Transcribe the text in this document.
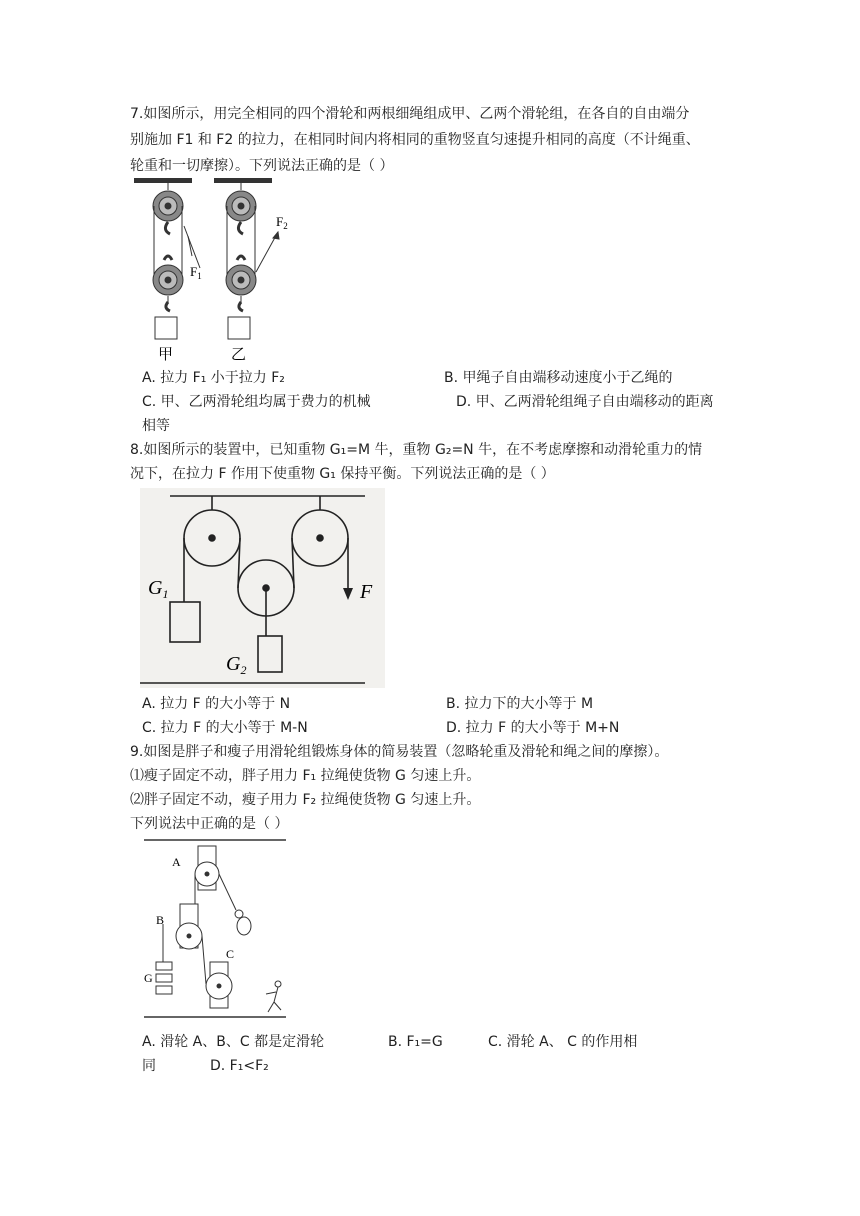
7.如图所示，用完全相同的四个滑轮和两根细绳组成甲、乙两个滑轮组，在各自的自由端分
别施加 F1 和 F2 的拉力，在相同时间内将相同的重物竖直匀速提升相同的高度（不计绳重、
轮重和一切摩擦）。下列说法正确的是（ ）
$F_1$
$F_2$
甲	乙
A. 拉力 F₁ 小于拉力 F₂	B. 甲绳子自由端移动速度小于乙绳的
C. 甲、乙两滑轮组均属于费力的机械	D. 甲、乙两滑轮组绳子自由端移动的距离
相等
8.如图所示的装置中，已知重物 G₁=M 牛，重物 G₂=N 牛，在不考虑摩擦和动滑轮重力的情
况下，在拉力 F 作用下使重物 G₁ 保持平衡。下列说法正确的是（ ）
$G_1$
$G_2$
F
A. 拉力 F 的大小等于 N	B. 拉力下的大小等于 M
C. 拉力 F 的大小等于 M-N	D. 拉力 F 的大小等于 M+N
9.如图是胖子和瘦子用滑轮组锻炼身体的简易装置（忽略轮重及滑轮和绳之间的摩擦）。
⑴瘦子固定不动，胖子用力 F₁ 拉绳使货物 G 匀速上升。
⑵胖子固定不动，瘦子用力 F₂ 拉绳使货物 G 匀速上升。
下列说法中正确的是（ ）
A
B
C
G
A. 滑轮 A、B、C 都是定滑轮	B. F₁=G	C. 滑轮 A、 C 的作用相
同	D. F₁<F₂
